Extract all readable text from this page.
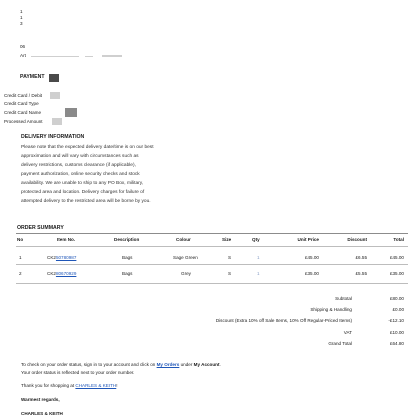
1
1
3
06
Art
PAYMENT
Credit Card / Debit
Credit Card Type
Credit Card Name
Processed Amount
DELIVERY INFORMATION
Please note that the expected delivery date/time is on our best
approximation and will vary with circumstances such as
delivery restrictions, customs clearance (if applicable),
payment authorization, online security checks and stock
availability. We are unable to ship to any PO Box, military,
protected area and location. Delivery charges for failure of
attempted delivery to the restricted area will be borne by you.
ORDER SUMMARY
No	Item No.	Description	Colour	Size	Qty	Unit Price	Discount	Total
1	CK250780987	Bags	Sage Green	S	1	£45.00	£6.55	£45.00
2	CK280670929	Bags	Grey	S	1	£35.00	£5.55	£35.00
Subtotal	£80.00
Shipping & Handling	£0.00
Discount (Extra 10% off Sale Items, 10% Off Regular-Priced Items)	-£12.10
VAT	£10.00
Grand Total	£64.80
To check on your order status, sign in to your account and click on My Orders under My Account.
Your order status is reflected next to your order number.
Thank you for shopping at CHARLES & KEITH!
Warmest regards,
CHARLES & KEITH
